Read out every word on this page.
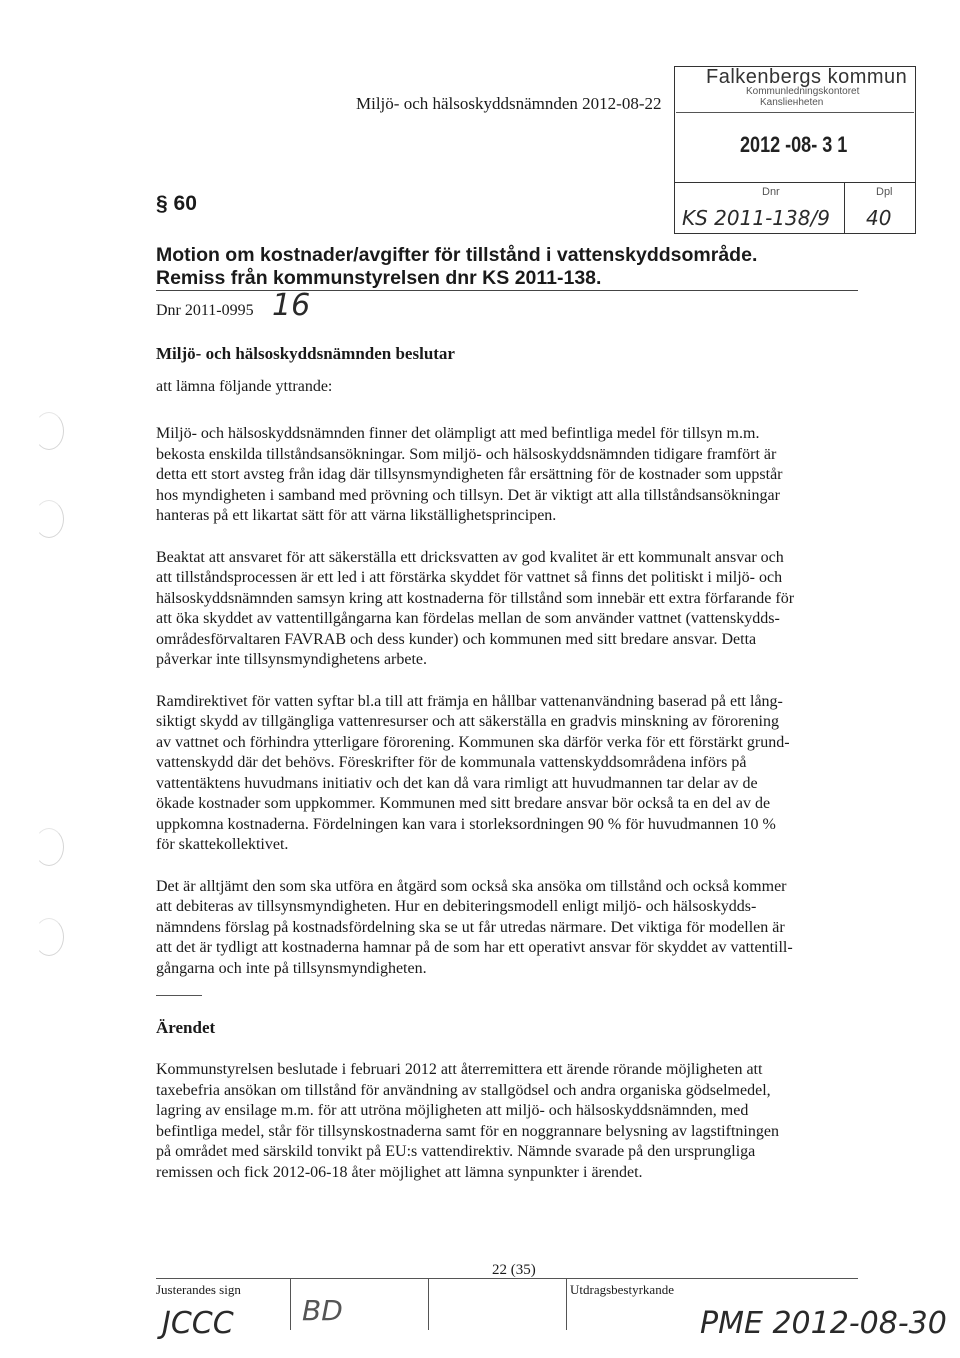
Miljö- och hälsoskyddsnämnden 2012-08-22
Falkenbergs kommun
Kommunledningskontoret
Kansliенheten
2012 -08- 3 1
Dnr	Dpl
KS 2011-138/9 40
§ 60
Motion om kostnader/avgifter för tillstånd i vattenskyddsområde.
Remiss från kommunstyrelsen dnr KS 2011-138.
Dnr 2011-0995 16
Miljö- och hälsoskyddsnämnden beslutar
att lämna följande yttrande:

Miljö- och hälsoskyddsnämnden finner det olämpligt att med befintliga medel för tillsyn m.m.
bekosta enskilda tillståndsansökningar. Som miljö- och hälsoskyddsnämnden tidigare framfört är
detta ett stort avsteg från idag där tillsynsmyndigheten får ersättning för de kostnader som uppstår
hos myndigheten i samband med prövning och tillsyn. Det är viktigt att alla tillståndsansökningar
hanteras på ett likartat sätt för att värna likställighetsprincipen.

Beaktat att ansvaret för att säkerställa ett dricksvatten av god kvalitet är ett kommunalt ansvar och
att tillståndsprocessen är ett led i att förstärka skyddet för vattnet så finns det politiskt i miljö- och
hälsoskyddsnämnden samsyn kring att kostnaderna för tillstånd som innebär ett extra förfarande för
att öka skyddet av vattentillgångarna kan fördelas mellan de som använder vattnet (vattenskydds-
områdesförvaltaren FAVRAB och dess kunder) och kommunen med sitt bredare ansvar. Detta
påverkar inte tillsynsmyndighetens arbete.

Ramdirektivet för vatten syftar bl.a till att främja en hållbar vattenanvändning baserad på ett lång-
siktigt skydd av tillgängliga vattenresurser och att säkerställa en gradvis minskning av förorening
av vattnet och förhindra ytterligare förorening. Kommunen ska därför verka för ett förstärkt grund-
vattenskydd där det behövs. Föreskrifter för de kommunala vattenskyddsområdena införs på
vattentäktens huvudmans initiativ och det kan då vara rimligt att huvudmannen tar delar av de
ökade kostnader som uppkommer. Kommunen med sitt bredare ansvar bör också ta en del av de
uppkomna kostnaderna. Fördelningen kan vara i storleksordningen 90 % för huvudmannen 10 %
för skattekollektivet.

Det är alltjämt den som ska utföra en åtgärd som också ska ansöka om tillstånd och också kommer
att debiteras av tillsynsmyndigheten. Hur en debiteringsmodell enligt miljö- och hälsoskydds-
nämndens förslag på kostnadsfördelning ska se ut får utredas närmare. Det viktiga för modellen är
att det är tydligt att kostnaderna hamnar på de som har ett operativt ansvar för skyddet av vattentill-
gångarna och inte på tillsynsmyndigheten.

Ärendet

Kommunstyrelsen beslutade i februari 2012 att återremittera ett ärende rörande möjligheten att
taxebefria ansökan om tillstånd för användning av stallgödsel och andra organiska gödselmedel,
lagring av ensilage m.m. för att utröna möjligheten att miljö- och hälsoskyddsnämnden, med
befintliga medel, står för tillsynskostnaderna samt för en noggrannare belysning av lagstiftningen
på området med särskild tonvikt på EU:s vattendirektiv. Nämnde svarade på den ursprungliga
remissen och fick 2012-06-18 åter möjlighet att lämna synpunkter i ärendet.

22 (35)
Justerandes sign	Utdragsbestyrkande
JCCC BD	PME 2012-08-30
